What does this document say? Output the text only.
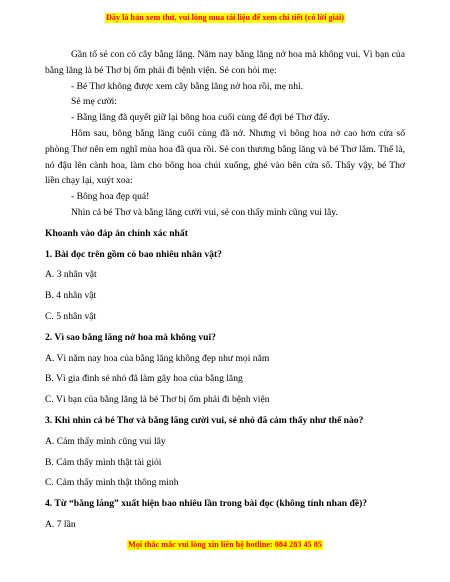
Đây là bản xem thử, vui lòng mua tài liệu để xem chi tiết (có lời giải)

Gần tổ sẻ con có cây bằng lăng. Năm nay bằng lăng nở hoa mà không vui. Vì bạn của bằng lăng là bé Thơ bị ốm phải đi bệnh viện. Sẻ con hỏi mẹ:

- Bé Thơ không được xem cây bằng lăng nở hoa rồi, mẹ nhỉ.

Sẻ mẹ cười:

- Bằng lăng đã quyết giữ lại bông hoa cuối cùng để đợi bé Thơ đấy.

Hôm sau, bông bằng lăng cuối cùng đã nở. Nhưng vì bông hoa nở cao hơn cửa sổ phòng Thơ nên em nghĩ mùa hoa đã qua rồi. Sẻ con thương bằng lăng và bé Thơ lắm. Thế là, nó đậu lên cành hoa, làm cho bông hoa chúi xuống, ghé vào bên cửa sổ. Thấy vậy, bé Thơ liền chạy lại, xuýt xoa:

- Bông hoa đẹp quá!

Nhìn cả bé Thơ và bằng lăng cười vui, sẻ con thấy mình cũng vui lây.

Khoanh vào đáp án chính xác nhất

1. Bài đọc trên gồm có bao nhiêu nhân vật?

A. 3 nhân vật

B. 4 nhân vật

C. 5 nhân vật

2. Vì sao bằng lăng nở hoa mà không vui?

A. Vì năm nay hoa của bằng lăng không đẹp như mọi năm

B. Vì gia đình sẻ nhỏ đã làm gãy hoa của bằng lăng

C. Vì bạn của bằng lăng là bé Thơ bị ốm phải đi bệnh viện

3. Khi nhìn cả bé Thơ và bằng lăng cười vui, sẻ nhỏ đã cảm thấy như thế nào?

A. Cảm thấy mình cũng vui lây

B. Cảm thấy mình thật tài giỏi

C. Cảm thấy mình thật thông minh

4. Từ “bằng lăng” xuất hiện bao nhiêu lần trong bài đọc (không tính nhan đề)?

A. 7 lần

Mọi thắc mắc vui lòng xin liên hệ hotline: 084 283 45 85
